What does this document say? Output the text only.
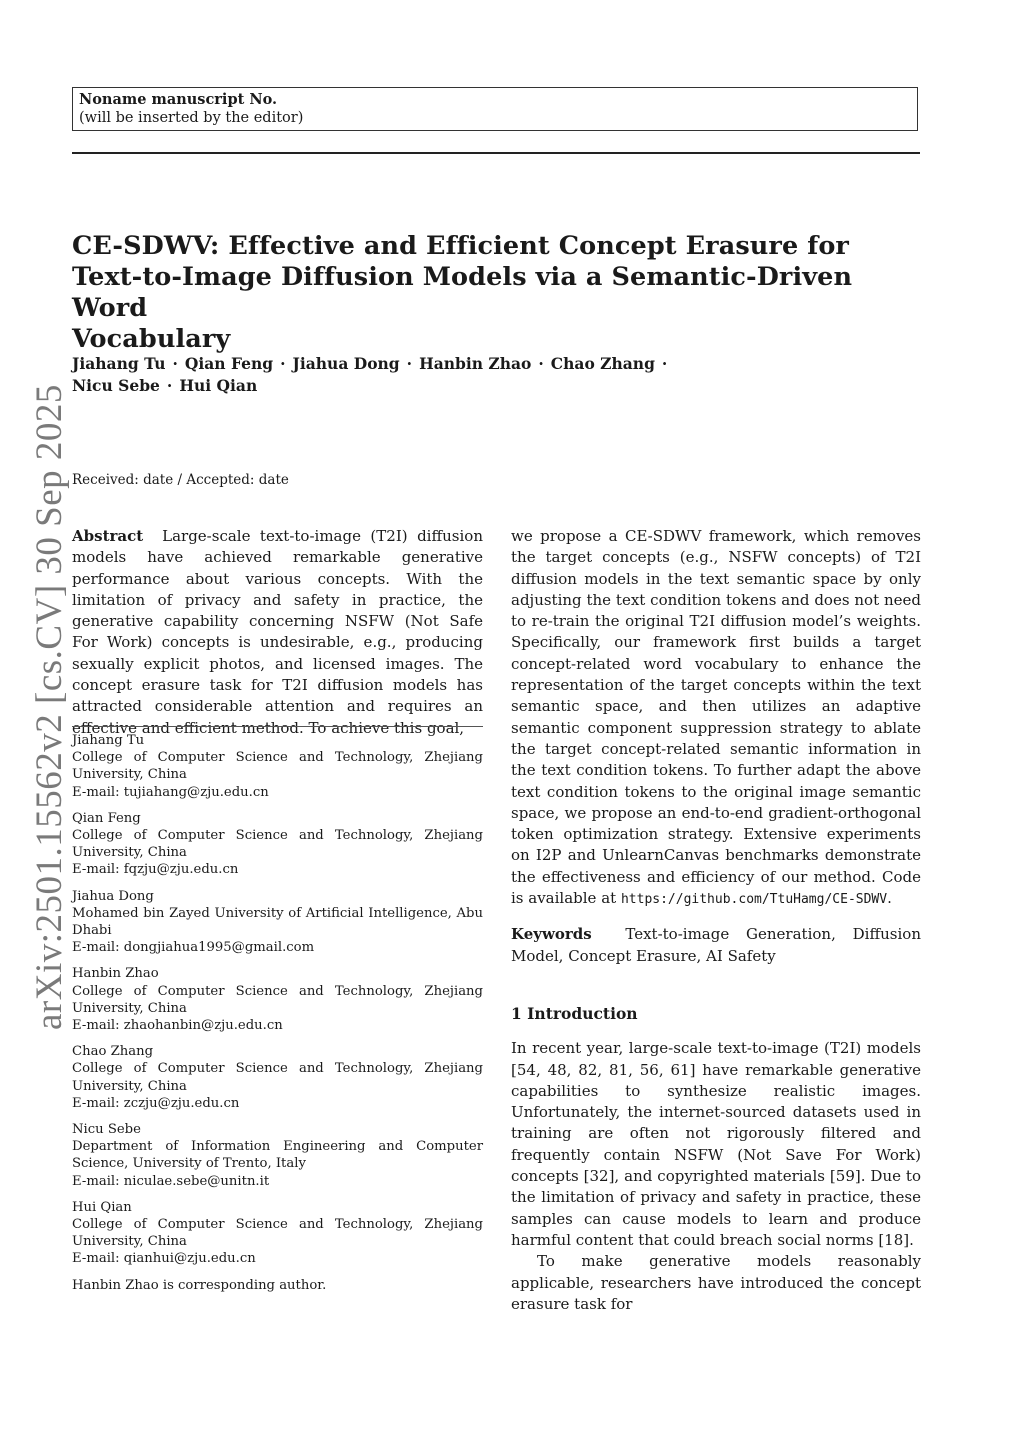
Noname manuscript No.
(will be inserted by the editor)
CE-SDWV: Effective and Efficient Concept Erasure for
Text-to-Image Diffusion Models via a Semantic-Driven Word
Vocabulary
Jiahang Tu · Qian Feng · Jiahua Dong · Hanbin Zhao · Chao Zhang ·
Nicu Sebe · Hui Qian
Received: date / Accepted: date
arXiv:2501.15562v2 [cs.CV] 30 Sep 2025 Abstract Large-scale text-to-image (T2I) diffusion models have achieved remarkable generative performance about various concepts. With the limitation of privacy and safety in practice, the generative capability concerning NSFW (Not Safe For Work) concepts is undesirable, e.g., producing sexually explicit photos, and licensed images. The concept erasure task for T2I diffusion models has attracted considerable attention and requires an effective and efficient method. To achieve this goal,

Jiahang Tu
College of Computer Science and Technology, Zhejiang University, China
E-mail: tujiahang@zju.edu.cn
Qian Feng
College of Computer Science and Technology, Zhejiang University, China
E-mail: fqzju@zju.edu.cn
Jiahua Dong
Mohamed bin Zayed University of Artificial Intelligence, Abu Dhabi
E-mail: dongjiahua1995@gmail.com
Hanbin Zhao
College of Computer Science and Technology, Zhejiang University, China
E-mail: zhaohanbin@zju.edu.cn
Chao Zhang
College of Computer Science and Technology, Zhejiang University, China
E-mail: zczju@zju.edu.cn
Nicu Sebe
Department of Information Engineering and Computer Science, University of Trento, Italy
E-mail: niculae.sebe@unitn.it
Hui Qian
College of Computer Science and Technology, Zhejiang University, China
E-mail: qianhui@zju.edu.cn
Hanbin Zhao is corresponding author.

we propose a CE-SDWV framework, which removes the target concepts (e.g., NSFW concepts) of T2I diffusion models in the text semantic space by only adjusting the text condition tokens and does not need to re-train the original T2I diffusion model’s weights. Specifically, our framework first builds a target concept-related word vocabulary to enhance the representation of the target concepts within the text semantic space, and then utilizes an adaptive semantic component suppression strategy to ablate the target concept-related semantic information in the text condition tokens. To further adapt the above text condition tokens to the original image semantic space, we propose an end-to-end gradient-orthogonal token optimization strategy. Extensive experiments on I2P and UnlearnCanvas benchmarks demonstrate the effectiveness and efficiency of our method. Code is available at https://github.com/TtuHamg/CE-SDWV.

Keywords Text-to-image Generation, Diffusion Model, Concept Erasure, AI Safety

1 Introduction

In recent year, large-scale text-to-image (T2I) models [54, 48, 82, 81, 56, 61] have remarkable generative capabilities to synthesize realistic images. Unfortunately, the internet-sourced datasets used in training are often not rigorously filtered and frequently contain NSFW (Not Save For Work) concepts [32], and copyrighted materials [59]. Due to the limitation of privacy and safety in practice, these samples can cause models to learn and produce harmful content that could breach social norms [18].

To make generative models reasonably applicable, researchers have introduced the concept erasure task for
